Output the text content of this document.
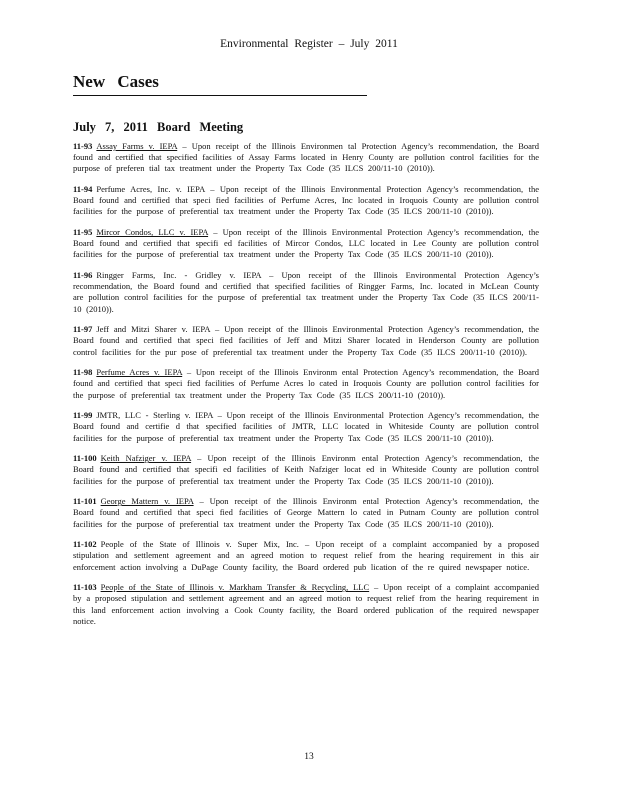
Environmental Register – July 2011
New Cases
July 7, 2011 Board Meeting

11-93 Assay Farms v. IEPA – Upon receipt of the Illinois Environmen tal Protection Agency’s recommendation, the Board found and certified that specified facilities of Assay Farms located in Henry County are pollution control facilities for the purpose of preferen tial tax treatment under the Property Tax Code (35 ILCS 200/11-10 (2010)).

11-94 Perfume Acres, Inc. v. IEPA – Upon receipt of the Illinois Environmental Protection Agency’s recommendation, the Board found and certified that speci fied facilities of Perfume Acres, Inc located in Iroquois County are pollution control facilities for the purpose of preferential tax treatment under the Property Tax Code (35 ILCS 200/11-10 (2010)).

11-95 Mircor Condos, LLC v. IEPA – Upon receipt of the Illinois Environmental Protection Agency’s recommendation, the Board found and certified that specifi ed facilities of Mircor Condos, LLC located in Lee County are pollution control facilities for the purpose of preferential tax treatment under the Property Tax Code (35 ILCS 200/11-10 (2010)).

11-96 Ringger Farms, Inc. - Gridley v. IEPA – Upon receipt of the Illinois Environmental Protection Agency’s recommendation, the Board found and certified that specified facilities of Ringger Farms, Inc. located in McLean County are pollution control facilities for the purpose of preferential tax treatment under the Property Tax Code (35 ILCS 200/11-10 (2010)).

11-97 Jeff and Mitzi Sharer v. IEPA – Upon receipt of the Illinois Environmental Protection Agency’s recommendation, the Board found and certified that speci fied facilities of Jeff and Mitzi Sharer located in Henderson County are pollution control facilities for the pur pose of preferential tax treatment under the Property Tax Code (35 ILCS 200/11-10 (2010)).

11-98 Perfume Acres v. IEPA – Upon receipt of the Illinois Environm ental Protection Agency’s recommendation, the Board found and certified that speci fied facilities of Perfume Acres lo cated in Iroquois County are pollution control facilities for the purpose of preferential tax treatment under the Property Tax Code (35 ILCS 200/11-10 (2010)).

11-99 JMTR, LLC - Sterling v. IEPA – Upon receipt of the Illinois Environmental Protection Agency’s recommendation, the Board found and certifie d that specified facilities of JMTR, LLC located in Whiteside County are pollution control facilities for the purpose of preferential tax treatment under the Property Tax Code (35 ILCS 200/11-10 (2010)).

11-100 Keith Nafziger v. IEPA – Upon receipt of the Illinois Environm ental Protection Agency’s recommendation, the Board found and certified that specifi ed facilities of Keith Nafziger locat ed in Whiteside County are pollution control facilities for the purpose of preferential tax treatment under the Property Tax Code (35 ILCS 200/11-10 (2010)).

11-101 George Mattern v. IEPA – Upon receipt of the Illinois Environm ental Protection Agency’s recommendation, the Board found and certified that speci fied facilities of George Mattern lo cated in Putnam County are pollution control facilities for the purpose of preferential tax treatment under the Property Tax Code (35 ILCS 200/11-10 (2010)).

11-102 People of the State of Illinois v. Super Mix, Inc. – Upon receipt of a complaint accompanied by a proposed stipulation and settlement agreement and an agreed motion to request relief from the hearing requirement in this air enforcement action involving a DuPage County facility, the Board ordered pub lication of the re quired newspaper notice.

11-103 People of the State of Illinois v. Markham Transfer & Recycling, LLC – Upon receipt of a complaint accompanied by a proposed stipulation and settlement agreement and an agreed motion to request relief from the hearing requirement in this land enforcement action involving a Cook County facility, the Board ordered publication of the required newspaper notice.

13
